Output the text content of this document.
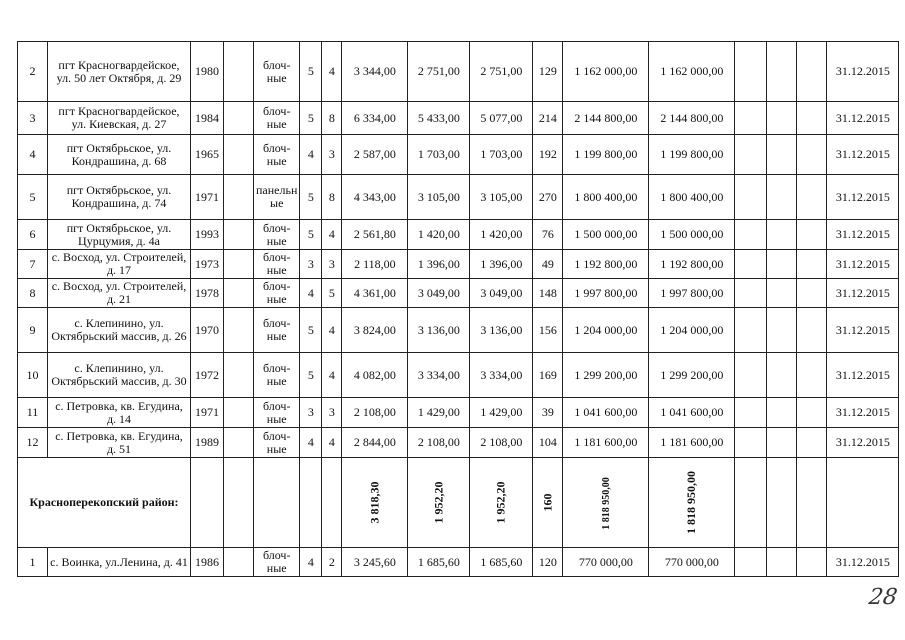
2	пгт Красногвардейское, ул. 50 лет Октября, д. 29	1980		блоч- ные	5	4	3 344,00	2 751,00	2 751,00	129	1 162 000,00	1 162 000,00				31.12.2015
3	пгт Красногвардейское, ул. Киевская, д. 27	1984		блоч- ные	5	8	6 334,00	5 433,00	5 077,00	214	2 144 800,00	2 144 800,00				31.12.2015
4	пгт Октябрьское, ул. Кондрашина, д. 68	1965		блоч- ные	4	3	2 587,00	1 703,00	1 703,00	192	1 199 800,00	1 199 800,00				31.12.2015
5	пгт Октябрьское, ул. Кондрашина, д. 74	1971		панельн ые	5	8	4 343,00	3 105,00	3 105,00	270	1 800 400,00	1 800 400,00				31.12.2015
6	пгт Октябрьское, ул. Цурцумия, д. 4а	1993		блоч- ные	5	4	2 561,80	1 420,00	1 420,00	76	1 500 000,00	1 500 000,00				31.12.2015
7	с. Восход, ул. Строителей, д. 17	1973		блоч- ные	3	3	2 118,00	1 396,00	1 396,00	49	1 192 800,00	1 192 800,00				31.12.2015
8	с. Восход, ул. Строителей, д. 21	1978		блоч- ные	4	5	4 361,00	3 049,00	3 049,00	148	1 997 800,00	1 997 800,00				31.12.2015
9	с. Клепинино, ул. Октябрьский массив, д. 26	1970		блоч- ные	5	4	3 824,00	3 136,00	3 136,00	156	1 204 000,00	1 204 000,00				31.12.2015
10	с. Клепинино, ул. Октябрьский массив, д. 30	1972		блоч- ные	5	4	4 082,00	3 334,00	3 334,00	169	1 299 200,00	1 299 200,00				31.12.2015
11	с. Петровка, кв. Егудина, д. 14	1971		блоч- ные	3	3	2 108,00	1 429,00	1 429,00	39	1 041 600,00	1 041 600,00				31.12.2015
12	с. Петровка, кв. Егудина, д. 51	1989		блоч- ные	4	4	2 844,00	2 108,00	2 108,00	104	1 181 600,00	1 181 600,00				31.12.2015
Красноперекопский район:							3 818,30	1 952,20	1 952,20	160	1 818 950,00	1 818 950,00				
1	с. Воинка, ул.Ленина, д. 41	1986		блоч- ные	4	2	3 245,60	1 685,60	1 685,60	120	770 000,00	770 000,00				31.12.2015
28
